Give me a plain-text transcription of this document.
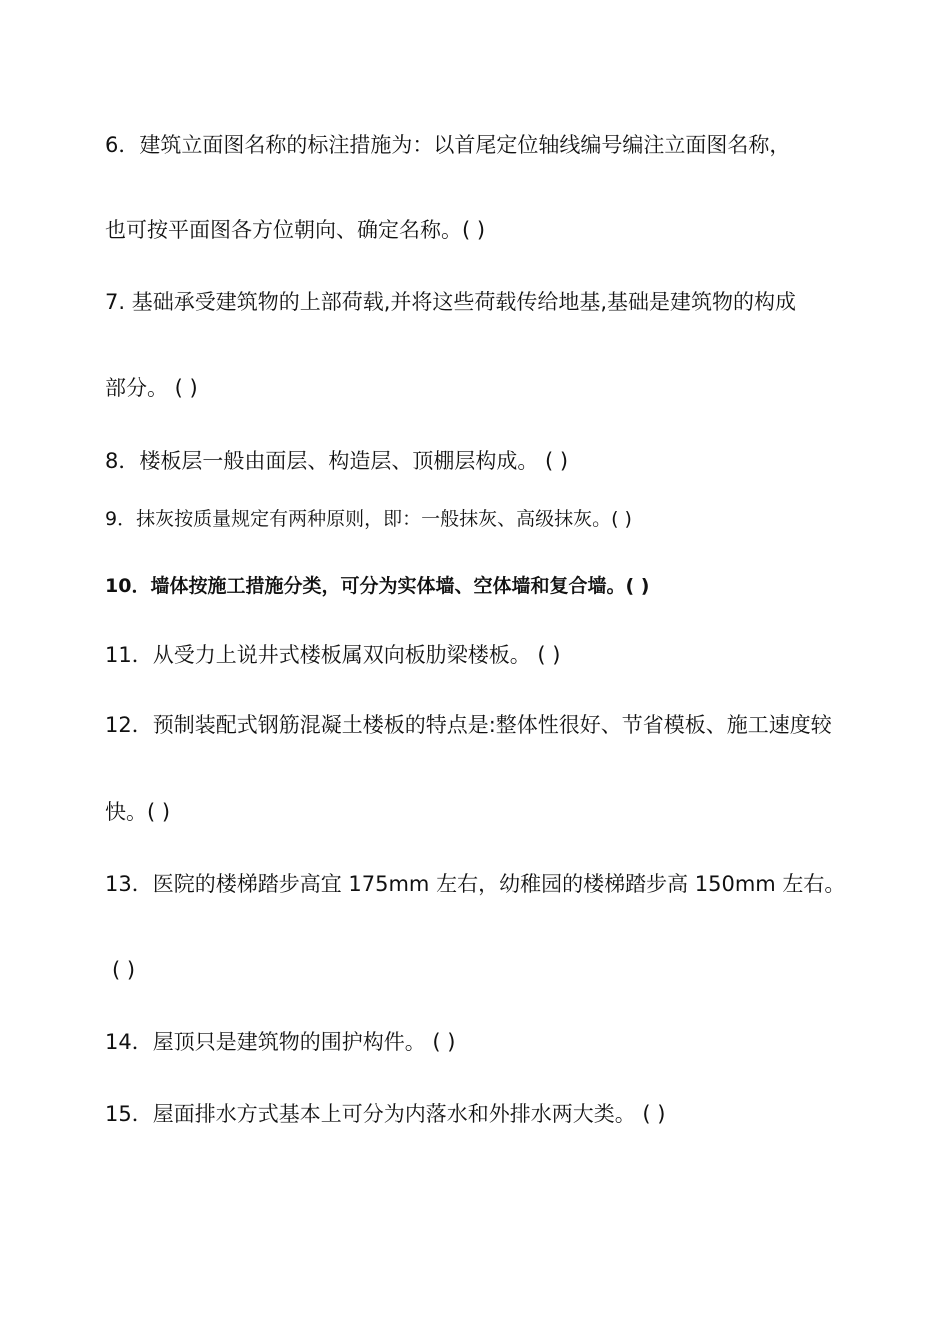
6．建筑立面图名称的标注措施为：以首尾定位轴线编号编注立面图名称，
也可按平面图各方位朝向、确定名称。( )
7. 基础承受建筑物的上部荷载,并将这些荷载传给地基,基础是建筑物的构成
部分。 ( )
8．楼板层一般由面层、构造层、顶棚层构成。 ( )
9．抹灰按质量规定有两种原则，即：一般抹灰、高级抹灰。( )
10．墙体按施工措施分类，可分为实体墙、空体墙和复合墙。( )
11．从受力上说井式楼板属双向板肋梁楼板。 ( )
12．预制装配式钢筋混凝土楼板的特点是:整体性很好、节省模板、施工速度较
快。( )
13．医院的楼梯踏步高宜 175mm 左右，幼稚园的楼梯踏步高 150mm 左右。
( )
14．屋顶只是建筑物的围护构件。 ( )
15．屋面排水方式基本上可分为内落水和外排水两大类。 ( )
